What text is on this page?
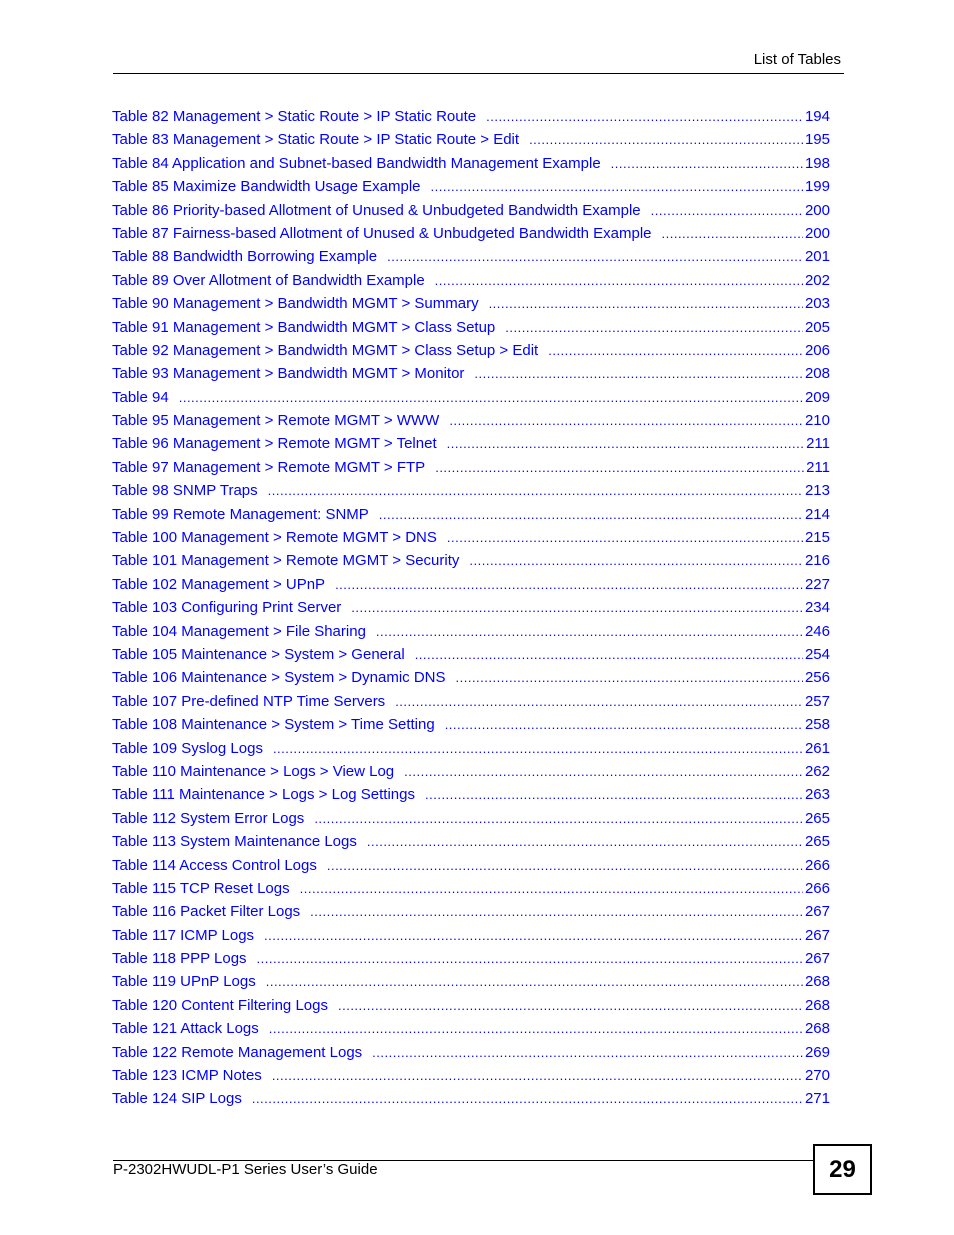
List of Tables
Table 82 Management > Static Route > IP Static Route .....	194
Table 83 Management > Static Route > IP Static Route > Edit .....	195
Table 84 Application and Subnet-based Bandwidth Management Example .....	198
Table 85 Maximize Bandwidth Usage Example .....	199
Table 86 Priority-based Allotment of Unused & Unbudgeted Bandwidth Example .....	200
Table 87 Fairness-based Allotment of Unused & Unbudgeted Bandwidth Example .....	200
Table 88 Bandwidth Borrowing Example .....	201
Table 89 Over Allotment of Bandwidth Example .....	202
Table 90 Management > Bandwidth MGMT > Summary .....	203
Table 91 Management > Bandwidth MGMT > Class Setup .....	205
Table 92 Management > Bandwidth MGMT > Class Setup > Edit .....	206
Table 93 Management > Bandwidth MGMT > Monitor .....	208
Table 94 .....	209
Table 95 Management > Remote MGMT > WWW .....	210
Table 96 Management > Remote MGMT > Telnet .....	211
Table 97 Management > Remote MGMT > FTP .....	211
Table 98 SNMP Traps .....	213
Table 99 Remote Management: SNMP .....	214
Table 100 Management > Remote MGMT > DNS .....	215
Table 101 Management > Remote MGMT > Security .....	216
Table 102 Management > UPnP .....	227
Table 103 Configuring Print Server .....	234
Table 104 Management > File Sharing .....	246
Table 105 Maintenance > System > General .....	254
Table 106 Maintenance > System > Dynamic DNS .....	256
Table 107 Pre-defined NTP Time Servers .....	257
Table 108 Maintenance > System > Time Setting .....	258
Table 109 Syslog Logs .....	261
Table 110 Maintenance > Logs > View Log .....	262
Table 111 Maintenance > Logs > Log Settings .....	263
Table 112 System Error Logs .....	265
Table 113 System Maintenance Logs .....	265
Table 114 Access Control Logs .....	266
Table 115 TCP Reset Logs .....	266
Table 116 Packet Filter Logs .....	267
Table 117 ICMP Logs .....	267
Table 118 PPP Logs .....	267
Table 119 UPnP Logs .....	268
Table 120 Content Filtering Logs .....	268
Table 121 Attack Logs .....	268
Table 122 Remote Management Logs .....	269
Table 123 ICMP Notes .....	270
Table 124 SIP Logs .....	271
P-2302HWUDL-P1 Series User’s Guide	29
